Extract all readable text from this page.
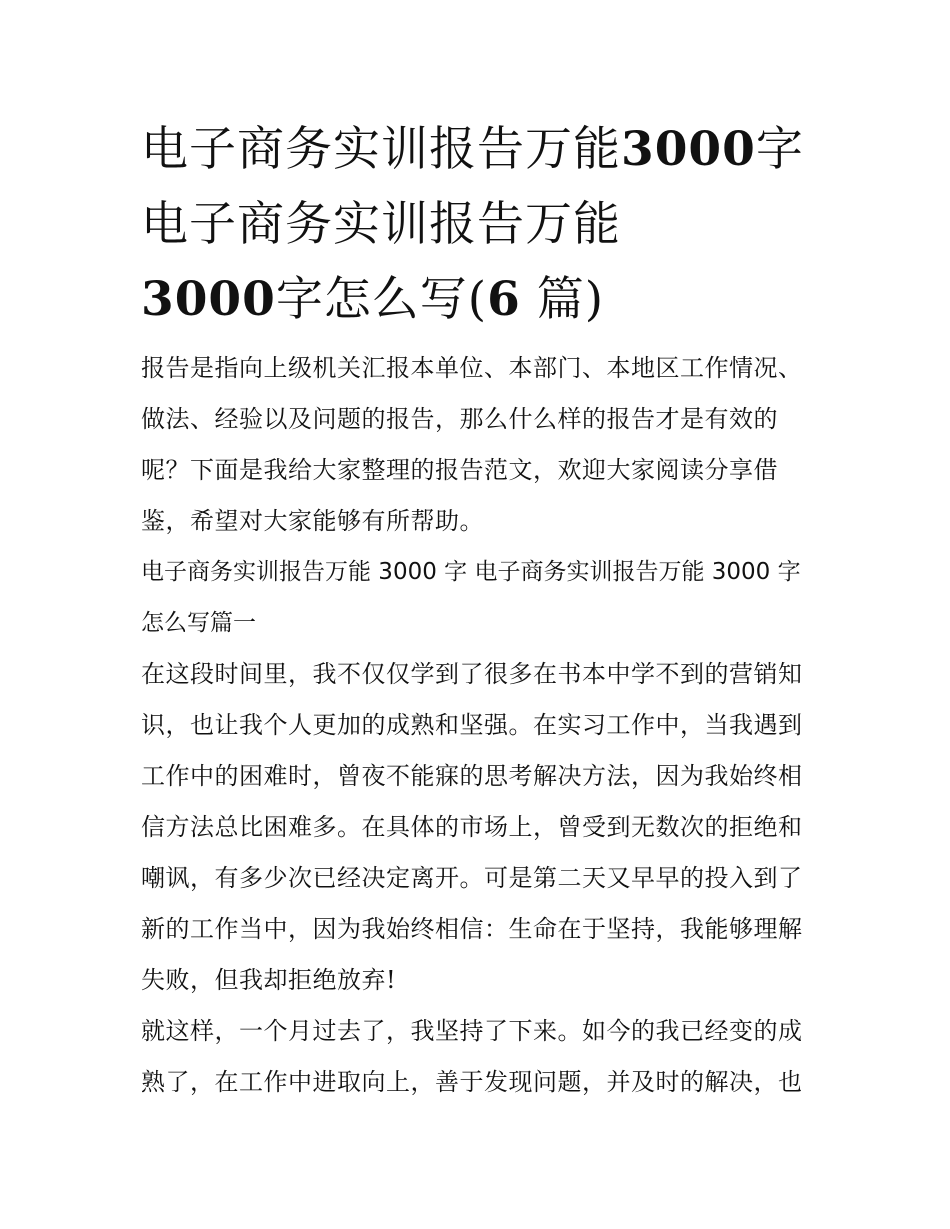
电子商务实训报告万能3000字 电子商务实训报告万能
3000字怎么写(6 篇)

报告是指向上级机关汇报本单位、本部门、本地区工作情况、做法、经验以及问题的报告，那么什么样的报告才是有效的呢？下面是我给大家整理的报告范文，欢迎大家阅读分享借鉴，希望对大家能够有所帮助。

电子商务实训报告万能 3000 字 电子商务实训报告万能 3000 字怎么写篇一

在这段时间里，我不仅仅学到了很多在书本中学不到的营销知识，也让我个人更加的成熟和坚强。在实习工作中，当我遇到工作中的困难时，曾夜不能寐的思考解决方法，因为我始终相信方法总比困难多。在具体的市场上，曾受到无数次的拒绝和嘲讽，有多少次已经决定离开。可是第二天又早早的投入到了新的工作当中，因为我始终相信：生命在于坚持，我能够理解失败，但我却拒绝放弃!

就这样，一个月过去了，我坚持了下来。如今的我已经变的成熟了，在工作中进取向上，善于发现问题，并及时的解决，也
